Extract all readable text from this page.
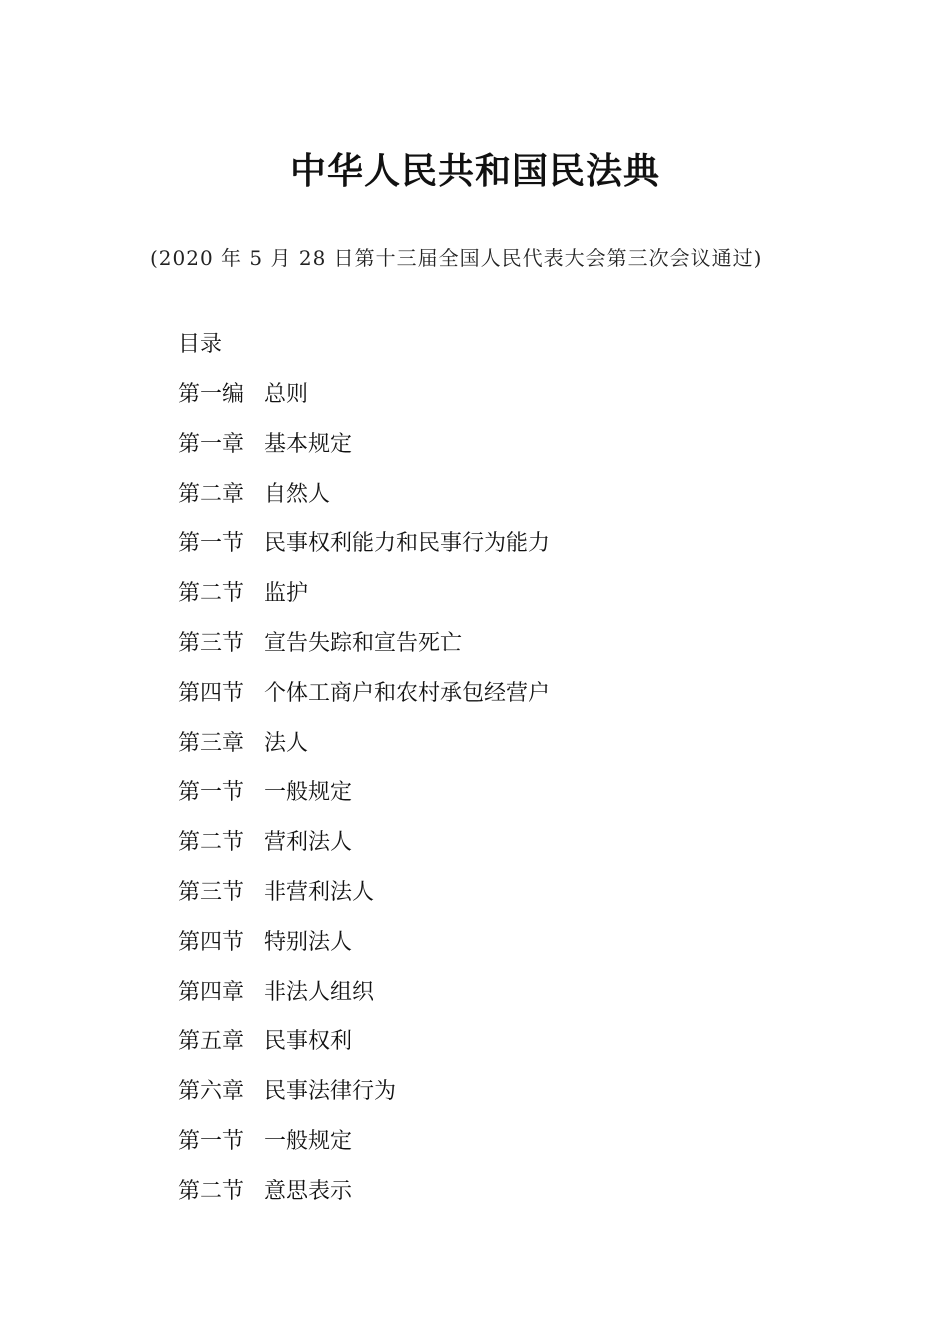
中华人民共和国民法典
(2020 年 5 月 28 日第十三届全国人民代表大会第三次会议通过)
目录
第一编 总则
第一章 基本规定
第二章 自然人
第一节 民事权利能力和民事行为能力
第二节 监护
第三节 宣告失踪和宣告死亡
第四节 个体工商户和农村承包经营户
第三章 法人
第一节 一般规定
第二节 营利法人
第三节 非营利法人
第四节 特别法人
第四章 非法人组织
第五章 民事权利
第六章 民事法律行为
第一节 一般规定
第二节 意思表示
